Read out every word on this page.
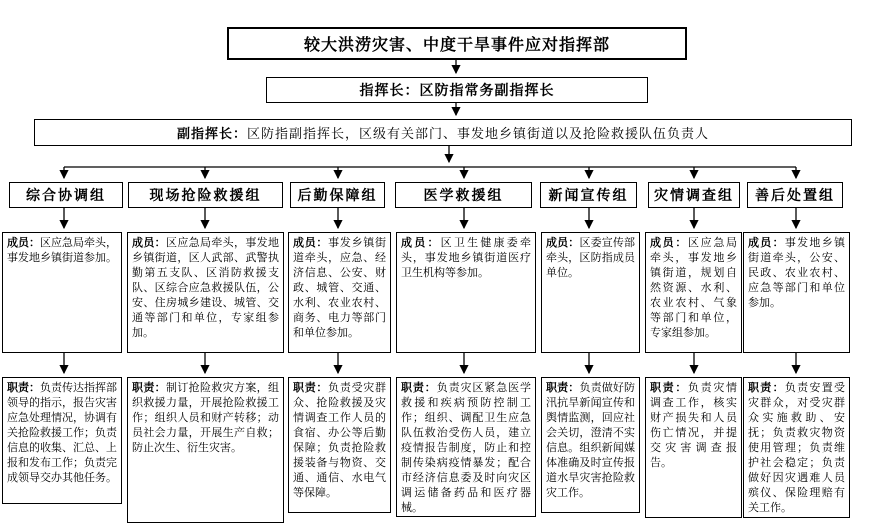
较大洪涝灾害、中度干旱事件应对指挥部
指挥长： 区防指常务副指挥长
副指挥长： 区防指副指挥长，区级有关部门、事发地乡镇街道以及抢险救援队伍负责人
综合协调组	现场抢险救援组	后勤保障组	医学救援组	新闻宣传组	灾情调查组	善后处置组
成员：区应急局牵头，事发地乡镇街道参加。
成员：区应急局牵头，事发地乡镇街道，区人武部、武警执勤第五支队、区消防救援支队、区综合应急救援队伍，公安、住房城乡建设、城管、交通等部门和单位，专家组参加。
成员：事发乡镇街道牵头，应急、经济信息、公安、财政、城管、交通、水利、农业农村、商务、电力等部门和单位参加。
成员：区卫生健康委牵头，事发地乡镇街道医疗卫生机构等参加。
成员：区委宣传部牵头，区防指成员单位。
成员：区应急局牵头，事发地乡镇街道，规划自然资源、水利、农业农村、气象等部门和单位，专家组参加。
成员：事发地乡镇街道牵头，公安、民政、农业农村、应急等部门和单位参加。
职责：负责传达指挥部领导的指示，报告灾害应急处理情况，协调有关抢险救援工作；负责信息的收集、汇总、上报和发布工作；负责完成领导交办其他任务。
职责：制订抢险救灾方案，组织救援力量，开展抢险救援工作；组织人员和财产转移；动员社会力量，开展生产自救；防止次生、衍生灾害。
职责：负责受灾群众、抢险救援及灾情调查工作人员的食宿、办公等后勤保障；负责抢险救援装备与物资、交通、通信、水电气等保障。
职责：负责灾区紧急医学救援和疾病预防控制工作；组织、调配卫生应急队伍救治受伤人员，建立疫情报告制度，防止和控制传染病疫情暴发；配合市经济信息委及时向灾区调运储备药品和医疗器械。
职责：负责做好防汛抗旱新闻宣传和舆情监测，回应社会关切，澄清不实信息。组织新闻媒体准确及时宣传报道水旱灾害抢险救灾工作。
职责：负责灾情调查工作，核实财产损失和人员伤亡情况，并提交灾害调查报告。
职责：负责安置受灾群众，对受灾群众实施救助、安抚；负责救灾物资使用管理；负责维护社会稳定；负责做好因灾遇难人员殡仪、保险理赔有关工作。
